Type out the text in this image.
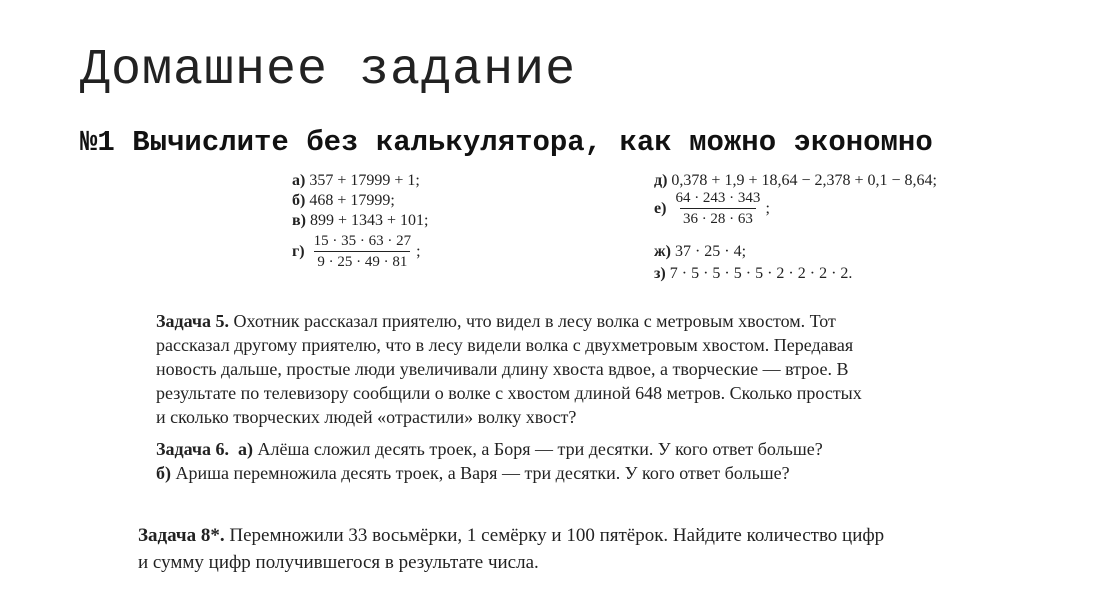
Домашнее задание
№1 Вычислите без калькулятора, как можно экономно
а) 357 + 17999 + 1;
б) 468 + 17999;
в) 899 + 1343 + 101;
$г) \frac{15 \cdot 35 \cdot 63 \cdot 27}{9 \cdot 25 \cdot 49 \cdot 81}$ ;
д) 0,378 + 1,9 + 18,64 − 2,378 + 0,1 − 8,64;
$е) \frac{64 \cdot 243 \cdot 343}{36 \cdot 28 \cdot 63}$ ;
ж) 37 · 25 · 4;
з) 7 · 5 · 5 · 5 · 5 · 2 · 2 · 2 · 2.
Задача 5. Охотник рассказал приятелю, что видел в лесу волка с метровым хвостом. Тот
рассказал другому приятелю, что в лесу видели волка с двухметровым хвостом. Передавая
новость дальше, простые люди увеличивали длину хвоста вдвое, а творческие — втрое. В
результате по телевизору сообщили о волке с хвостом длиной 648 метров. Сколько простых
и сколько творческих людей «отрастили» волку хвост?
Задача 6. а) Алёша сложил десять троек, а Боря — три десятки. У кого ответ больше?
б) Ариша перемножила десять троек, а Варя — три десятки. У кого ответ больше?
Задача 8*. Перемножили 33 восьмёрки, 1 семёрку и 100 пятёрок. Найдите количество цифр
и сумму цифр получившегося в результате числа.
